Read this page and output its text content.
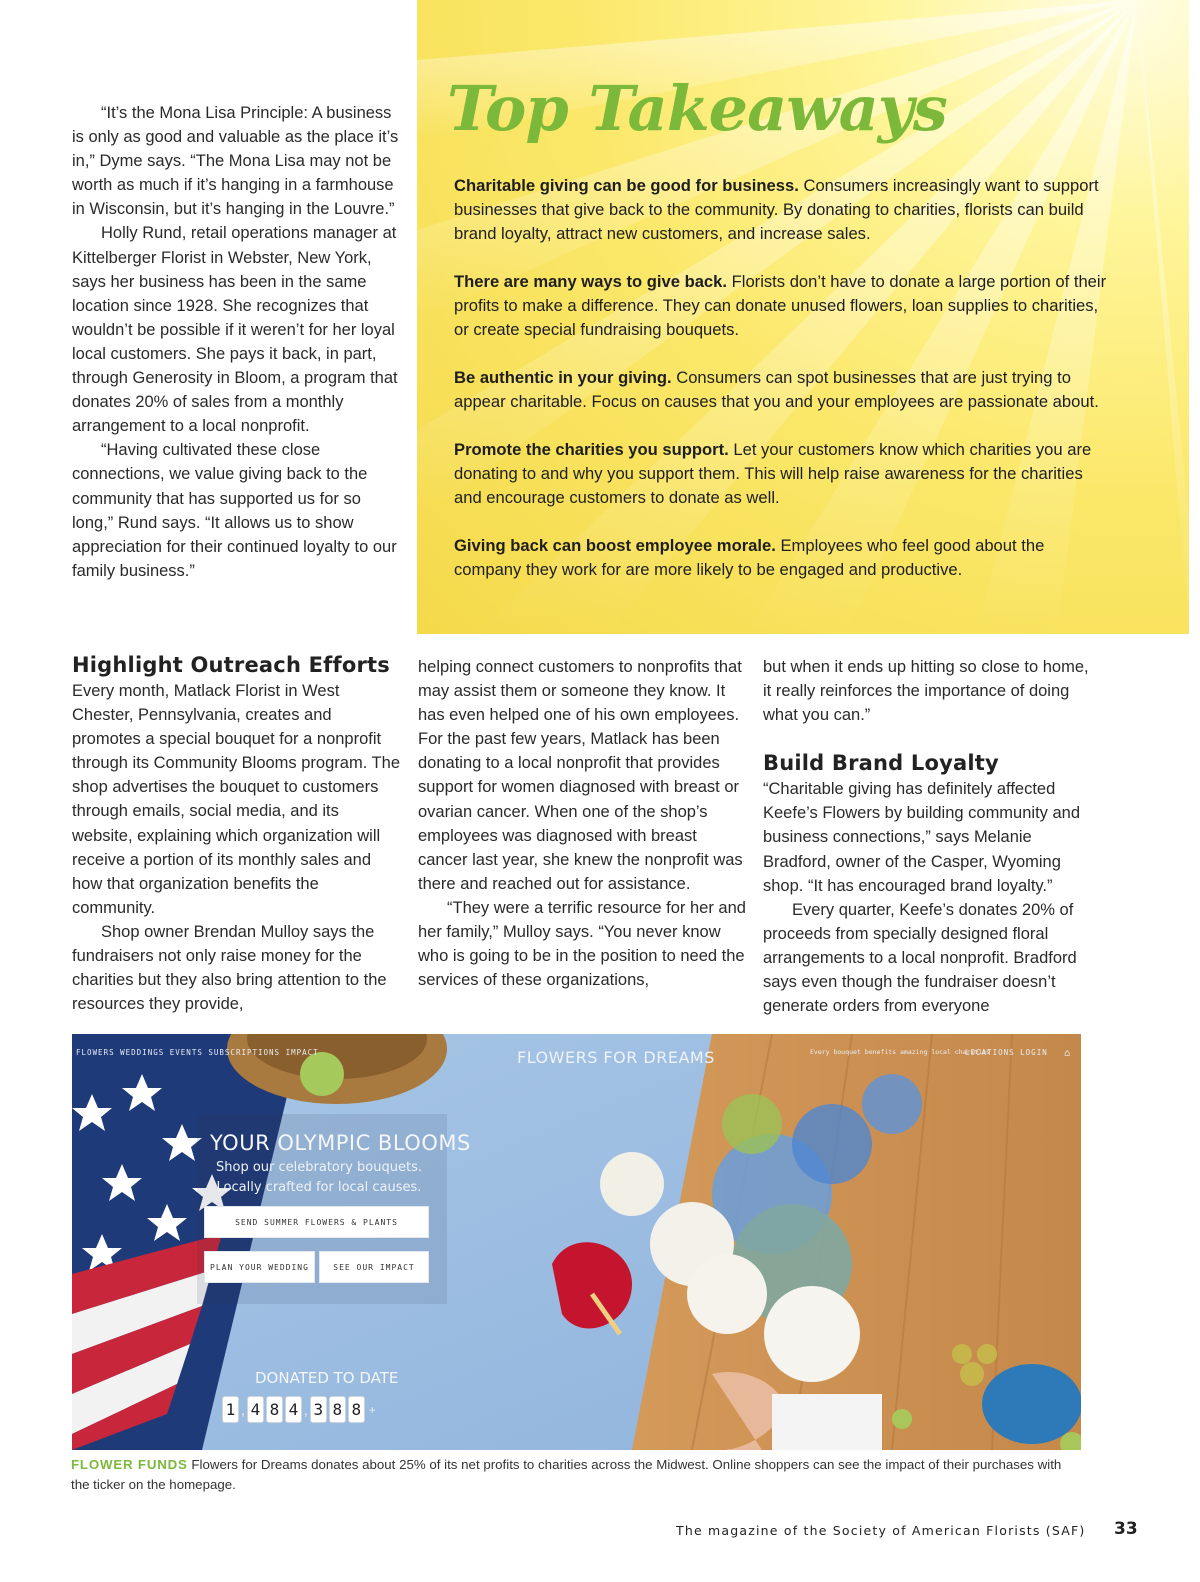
“It’s the Mona Lisa Principle: A business is only as good and valuable as the place it’s in,” Dyme says. “The Mona Lisa may not be worth as much if it’s hanging in a farmhouse in Wisconsin, but it’s hanging in the Louvre.”

Holly Rund, retail operations manager at Kittelberger Florist in Webster, New York, says her business has been in the same location since 1928. She recognizes that wouldn’t be possible if it weren’t for her loyal local customers. She pays it back, in part, through Generosity in Bloom, a program that donates 20% of sales from a monthly arrangement to a local nonprofit.

“Having cultivated these close connections, we value giving back to the community that has supported us for so long,” Rund says. “It allows us to show appreciation for their continued loyalty to our family business.”

Top Takeaways
Charitable giving can be good for business. Consumers increasingly want to support businesses that give back to the community. By donating to charities, florists can build brand loyalty, attract new customers, and increase sales.
There are many ways to give back. Florists don’t have to donate a large portion of their profits to make a difference. They can donate unused flowers, loan supplies to charities, or create special fundraising bouquets.
Be authentic in your giving. Consumers can spot businesses that are just trying to appear charitable. Focus on causes that you and your employees are passionate about.
Promote the charities you support. Let your customers know which charities you are donating to and why you support them. This will help raise awareness for the charities and encourage customers to donate as well.
Giving back can boost employee morale. Employees who feel good about the company they work for are more likely to be engaged and productive.
Highlight Outreach Efforts

Every month, Matlack Florist in West Chester, Pennsylvania, creates and promotes a special bouquet for a nonprofit through its Community Blooms program. The shop advertises the bouquet to customers through emails, social media, and its website, explaining which organization will receive a portion of its monthly sales and how that organization benefits the community.

Shop owner Brendan Mulloy says the fundraisers not only raise money for the charities but they also bring attention to the resources they provide,

helping connect customers to nonprofits that may assist them or someone they know. It has even helped one of his own employees. For the past few years, Matlack has been donating to a local nonprofit that provides support for women diagnosed with breast or ovarian cancer. When one of the shop’s employees was diagnosed with breast cancer last year, she knew the nonprofit was there and reached out for assistance.

“They were a terrific resource for her and her family,” Mulloy says. “You never know who is going to be in the position to need the services of these organizations,

but when it ends up hitting so close to home, it really reinforces the importance of doing what you can.”

Build Brand Loyalty

“Charitable giving has definitely affected Keefe’s Flowers by building community and business connections,” says Melanie Bradford, owner of the Casper, Wyoming shop. “It has encouraged brand loyalty.”

Every quarter, Keefe’s donates 20% of proceeds from specially designed floral arrangements to a local nonprofit. Bradford says even though the fundraiser doesn’t generate orders from everyone

FLOWERS WEDDINGS EVENTS SUBSCRIPTIONS IMPACT	FLOWERS FOR DREAMS	Every bouquet benefits amazing local charities
LOCATIONS LOGIN ⌂
YOUR OLYMPIC BLOOMS
Shop our celebratory bouquets. Locally crafted for local causes.
SEND SUMMER FLOWERS & PLANTS
PLAN YOUR WEDDING	SEE OUR IMPACT
DONATED TO DATE
1 , 4 8 4 , 3 8 8 +
FLOWER FUNDS Flowers for Dreams donates about 25% of its net profits to charities across the Midwest. Online shoppers can see the impact of their purchases with the ticker on the homepage.
The magazine of the Society of American Florists (SAF) 33
